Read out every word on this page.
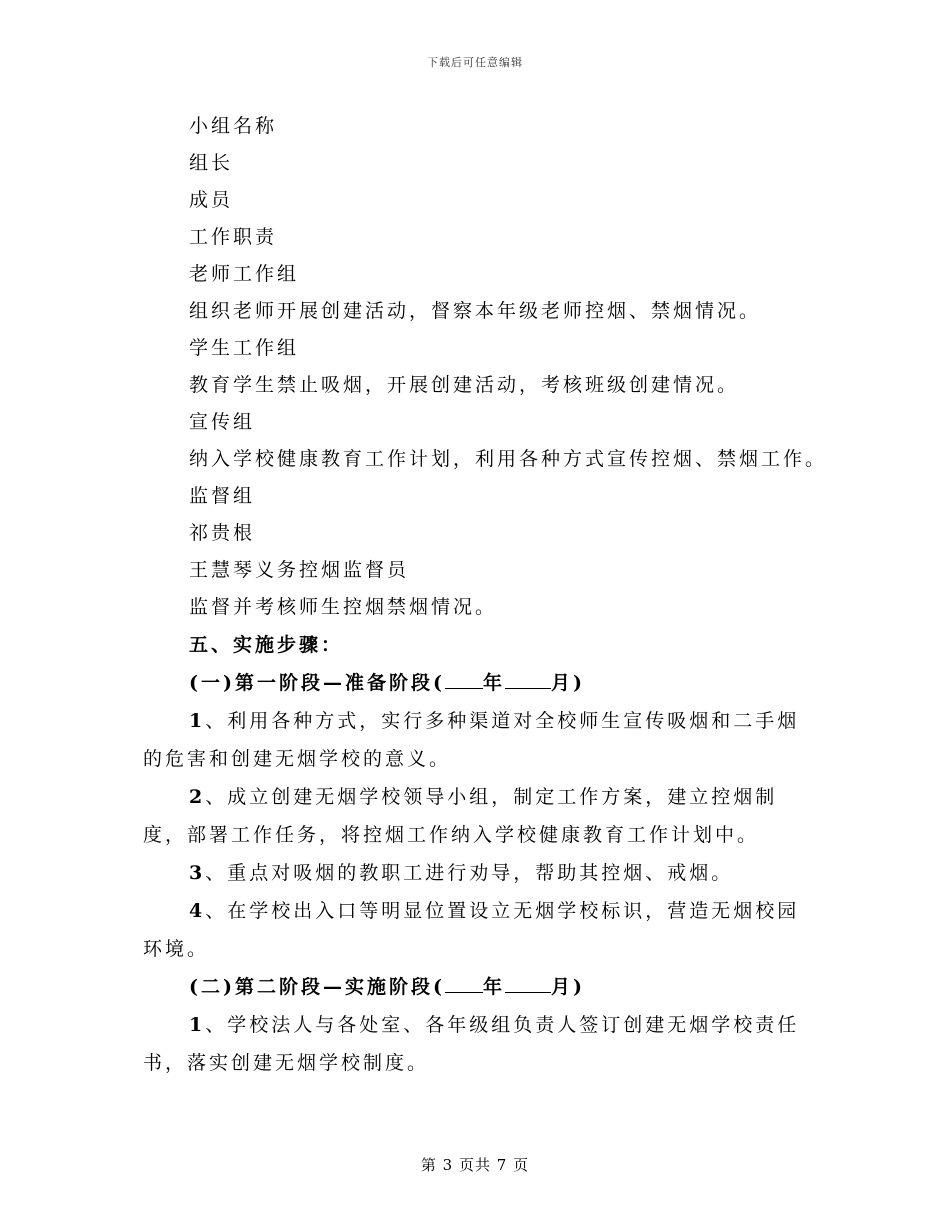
下载后可任意编辑
小组名称
组长
成员
工作职责
老师工作组
组织老师开展创建活动，督察本年级老师控烟、禁烟情况。
学生工作组
教育学生禁止吸烟，开展创建活动，考核班级创建情况。
宣传组
纳入学校健康教育工作计划，利用各种方式宣传控烟、禁烟工作。
监督组
祁贵根
王慧琴义务控烟监督员
监督并考核师生控烟禁烟情况。
五、实施步骤：
(一)第一阶段—准备阶段( 年 月)

1、利用各种方式，实行多种渠道对全校师生宣传吸烟和二手烟的危害和创建无烟学校的意义。

2、成立创建无烟学校领导小组，制定工作方案，建立控烟制度，部署工作任务，将控烟工作纳入学校健康教育工作计划中。

3、重点对吸烟的教职工进行劝导，帮助其控烟、戒烟。

4、在学校出入口等明显位置设立无烟学校标识，营造无烟校园环境。

(二)第二阶段—实施阶段( 年 月)

1、学校法人与各处室、各年级组负责人签订创建无烟学校责任书，落实创建无烟学校制度。

第 3 页共 7 页
